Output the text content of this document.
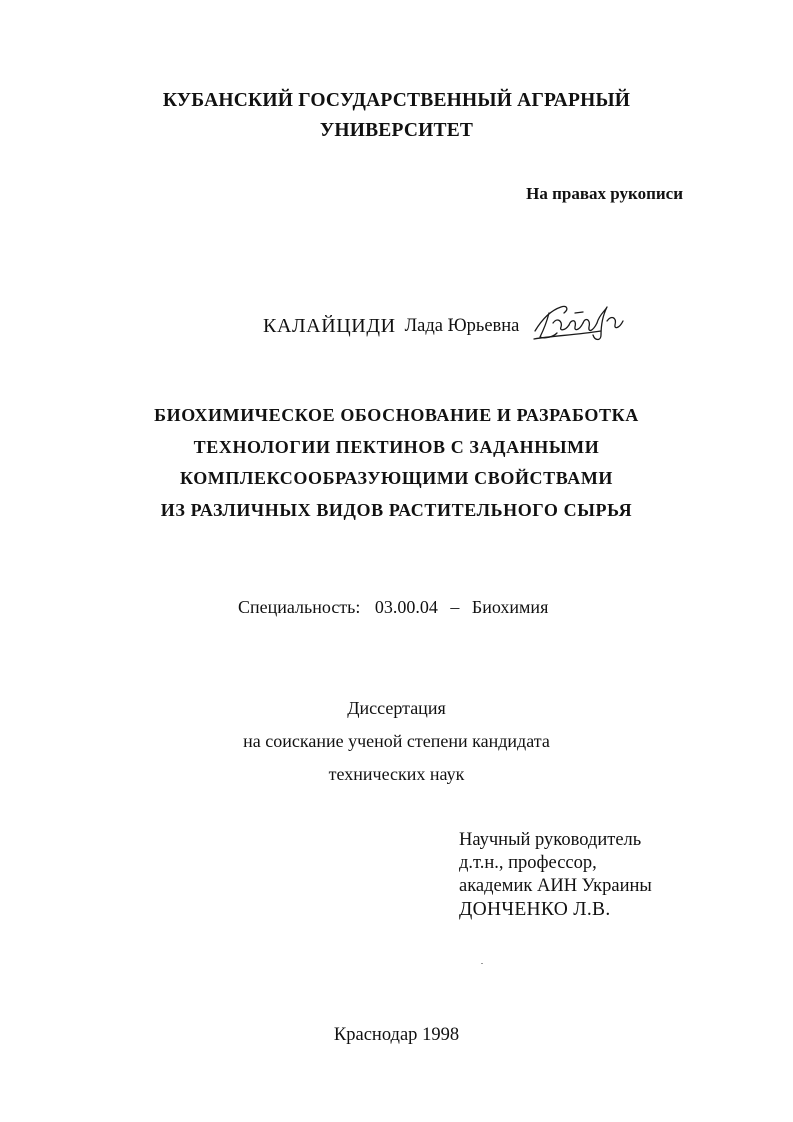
КУБАНСКИЙ ГОСУДАРСТВЕННЫЙ АГРАРНЫЙ
УНИВЕРСИТЕТ
На правах рукописи
КАЛАЙЦИДИ Лада Юрьевна
БИОХИМИЧЕСКОЕ ОБОСНОВАНИЕ И РАЗРАБОТКА
ТЕХНОЛОГИИ ПЕКТИНОВ С ЗАДАННЫМИ
КОМПЛЕКСООБРАЗУЮЩИМИ СВОЙСТВАМИ
ИЗ РАЗЛИЧНЫХ ВИДОВ РАСТИТЕЛЬНОГО СЫРЬЯ
Специальность: 03.00.04 – Биохимия
Диссертация
на соискание ученой степени кандидата
технических наук
Научный руководитель
д.т.н., профессор,
академик АИН Украины
ДОНЧЕНКО Л.В.
Краснодар 1998
